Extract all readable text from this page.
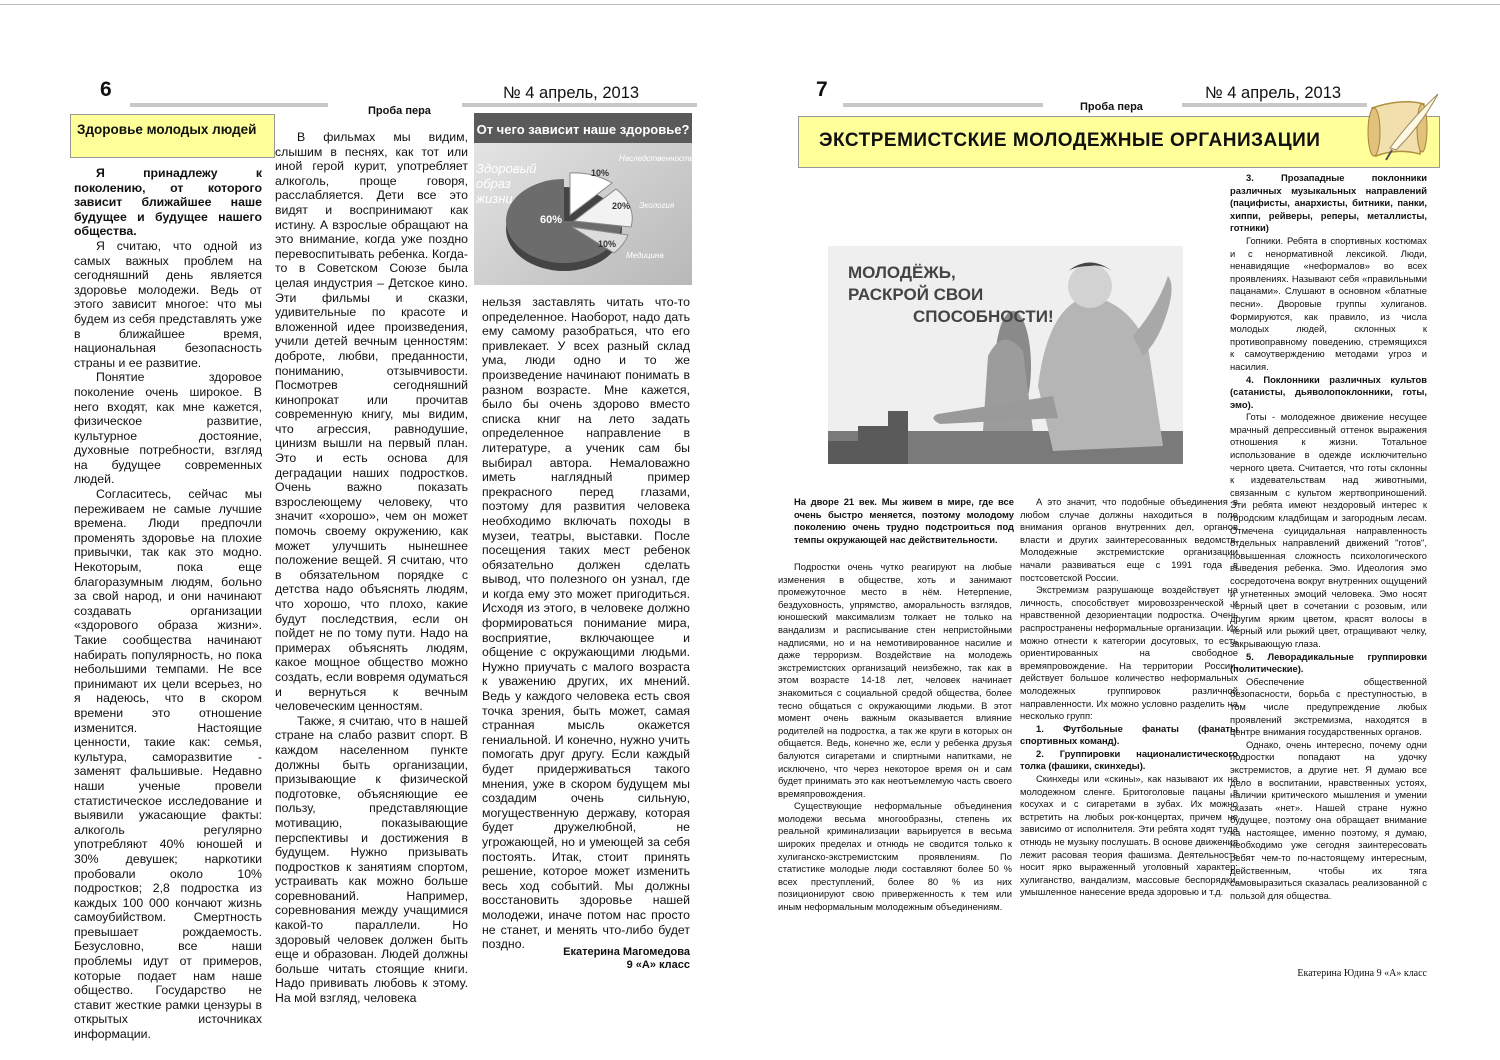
6
Проба пера
№ 4 апрель, 2013
Здоровье молодых людей	От чего зависит наше здоровье?
60%
10%
20%
10%
Наследственность
Экология
Медицина
Здоровый образ жизни

Я принадлежу к поколению, от которого зависит ближайшее наше будущее и будущее нашего общества.

Я считаю, что одной из самых важных проблем на сегодняшний день является здоровье молодежи. Ведь от этого зависит многое: что мы будем из себя представлять уже в ближайшее время, национальная безопасность страны и ее развитие.

Понятие здоровое поколение очень широкое. В него входят, как мне кажется, физическое развитие, культурное достояние, духовные потребности, взгляд на будущее современных людей.

Согласитесь, сейчас мы переживаем не самые лучшие времена. Люди предпочли променять здоровье на плохие привычки, так как это модно. Некоторым, пока еще благоразумным людям, больно за свой народ, и они начинают создавать организации «здорового образа жизни». Такие сообщества начинают набирать популярность, но пока небольшими темпами. Не все принимают их цели всерьез, но я надеюсь, что в скором времени это отношение изменится. Настоящие ценности, такие как: семья, культура, саморазвитие - заменят фальшивые. Недавно наши ученые провели статистическое исследование и выявили ужасающие факты: алкоголь регулярно употребляют 40% юношей и 30% девушек; наркотики пробовали около 10% подростков; 2,8 подростка из каждых 100 000 кончают жизнь самоубийством. Смертность превышает рождаемость. Безусловно, все наши проблемы идут от примеров, которые подает нам наше общество. Государство не ставит жесткие рамки цензуры в открытых источниках информации.

В фильмах мы видим, слышим в песнях, как тот или иной герой курит, употребляет алкоголь, проще говоря, расслабляется. Дети все это видят и воспринимают как истину. А взрослые обращают на это внимание, когда уже поздно перевоспитывать ребенка. Когда-то в Советском Союзе была целая индустрия – Детское кино. Эти фильмы и сказки, удивительные по красоте и вложенной идее произведения, учили детей вечным ценностям: доброте, любви, преданности, пониманию, отзывчивости. Посмотрев сегодняшний кинопрокат или прочитав современную книгу, мы видим, что агрессия, равнодушие, цинизм вышли на первый план. Это и есть основа для деградации наших подростков. Очень важно показать взрослеющему человеку, что значит «хорошо», чем он может помочь своему окружению, как может улучшить нынешнее положение вещей. Я считаю, что в обязательном порядке с детства надо объяснять людям, что хорошо, что плохо, какие будут последствия, если он пойдет не по тому пути. Надо на примерах объяснять людям, какое мощное общество можно создать, если вовремя одуматься и вернуться к вечным человеческим ценностям.

Также, я считаю, что в нашей стране на слабо развит спорт. В каждом населенном пункте должны быть организации, призывающие к физической подготовке, объясняющие ее пользу, представляющие мотивацию, показывающие перспективы и достижения в будущем. Нужно призывать подростков к занятиям спортом, устраивать как можно больше соревнований. Например, соревнования между учащимися какой-то параллели. Но здоровый человек должен быть еще и образован. Людей должны больше читать стоящие книги. Надо прививать любовь к этому. На мой взгляд, человека

нельзя заставлять читать что-то определенное. Наоборот, надо дать ему самому разобраться, что его привлекает. У всех разный склад ума, люди одно и то же произведение начинают понимать в разном возрасте. Мне кажется, было бы очень здорово вместо списка книг на лето задать определенное направление в литературе, а ученик сам бы выбирал автора. Немаловажно иметь наглядный пример прекрасного перед глазами, поэтому для развития человека необходимо включать походы в музеи, театры, выставки. После посещения таких мест ребенок обязательно должен сделать вывод, что полезного он узнал, где и когда ему это может пригодиться. Исходя из этого, в человеке должно формироваться понимание мира, восприятие, включающее и общение с окружающими людьми. Нужно приучать с малого возраста к уважению других, их мнений. Ведь у каждого человека есть своя точка зрения, быть может, самая странная мысль окажется гениальной. И конечно, нужно учить помогать друг другу. Если каждый будет придерживаться такого мнения, уже в скором будущем мы создадим очень сильную, могущественную державу, которая будет дружелюбной, не угрожающей, но и умеющей за себя постоять. Итак, стоит принять решение, которое может изменить весь ход событий. Мы должны восстановить здоровье нашей молодежи, иначе потом нас просто не станет, и менять что-либо будет поздно.

Екатерина Магомедова
9 «А» класс
7
Проба пера
№ 4 апрель, 2013
ЭКСТРЕМИСТСКИЕ МОЛОДЕЖНЫЕ ОРГАНИЗАЦИИ
МОЛОДЁЖЬ,
РАСКРОЙ СВОИ
СПОСОБНОСТИ!
На дворе 21 век. Мы живем в мире, где все очень быстро меняется, поэтому молодому поколению очень трудно подстроиться под темпы окружающей нас действительности.

Подростки очень чутко реагируют на любые изменения в обществе, хоть и занимают промежуточное место в нём. Нетерпение, бездуховность, упрямство, аморальность взглядов, юношеский максимализм толкает не только на вандализм и расписывание стен непристойными надписями, но и на немотивированное насилие и даже терроризм. Воздействие на молодежь экстремистских организаций неизбежно, так как в этом возрасте 14-18 лет, человек начинает знакомиться с социальной средой общества, более тесно общаться с окружающими людьми. В этот момент очень важным оказывается влияние родителей на подростка, а так же круги в которых он общается. Ведь, конечно же, если у ребенка друзья балуются сигаретами и спиртными напитками, не исключено, что через некоторое время он и сам будет принимать это как неотъемлемую часть своего времяпровождения.

Существующие неформальные объединения молодежи весьма многообразны, степень их реальной криминализации варьируется в весьма широких пределах и отнюдь не сводится только к хулиганско-экстремистским проявлениям. По статистике молодые люди составляют более 50 % всех преступлений, более 80 % из них позиционируют свою приверженность к тем или иным неформальным молодежным объединениям.

А это значит, что подобные объединения в любом случае должны находиться в поле внимания органов внутренних дел, органов власти и других заинтересованных ведомств. Молодежные экстремистские организации начали развиваться еще с 1991 года в постсоветской России.

Экстремизм разрушающе воздействует на личность, способствует мировоззренческой и нравственной дезориентации подростка. Очень распространены неформальные организации. Их можно отнести к категории досуговых, то есть ориентированных на свободное времяпровождение. На территории России, действует большое количество неформальных молодежных группировок различной направленности. Их можно условно разделить на несколько групп:

1. Футбольные фанаты (фанаты спортивных команд).

2. Группировки националистического толка (фашики, скинхеды).

Скинхеды или «скины», как называют их на молодежном сленге. Бритоголовые пацаны в косухах и с сигаретами в зубах. Их можно встретить на любых рок-концертах, причем не зависимо от исполнителя. Эти ребята ходят туда отнюдь не музыку послушать. В основе движения лежит расовая теория фашизма. Деятельность носит ярко выраженный уголовный характер: хулиганство, вандализм, массовые беспорядки, умышленное нанесение вреда здоровью и т.д.

3. Прозападные поклонники различных музыкальных направлений (пацифисты, анархисты, битники, панки, хиппи, рейверы, реперы, металлисты, готники)

Гопники. Ребята в спортивных костюмах и с ненормативной лексикой. Люди, ненавидящие «неформалов» во всех проявлениях. Называют себя «правильными пацанами». Слушают в основном «блатные песни». Дворовые группы хулиганов. Формируются, как правило, из числа молодых людей, склонных к противоправному поведению, стремящихся к самоутверждению методами угроз и насилия.

4. Поклонники различных культов (сатанисты, дьяволопоклонники, готы, эмо).

Готы - молодежное движение несущее мрачный депрессивный оттенок выражения отношения к жизни. Тотальное использование в одежде исключительно черного цвета. Считается, что готы склонны к издевательствам над животными, связанным с культом жертвоприношений. Эти ребята имеют нездоровый интерес к городским кладбищам и загородным лесам. Отмечена суицидальная направленность отдельных направлений движений "готов", повышенная сложность психологического выведения ребенка. Эмо. Идеология эмо сосредоточена вокруг внутренних ощущений и угнетенных эмоций человека. Эмо носят черный цвет в сочетании с розовым, или другим ярким цветом, красят волосы в черный или рыжий цвет, отращивают челку, закрывающую глаза.

5. Леворадикальные группировки (политические).

Обеспечение общественной безопасности, борьба с преступностью, в том числе предупреждение любых проявлений экстремизма, находятся в центре внимания государственных органов.

Однако, очень интересно, почему одни подростки попадают на удочку экстремистов, а другие нет. Я думаю все дело в воспитании, нравственных устоях, наличии критического мышления и умении сказать «нет». Нашей стране нужно будущее, поэтому она обращает внимание на настоящее, именно поэтому, я думаю, необходимо уже сегодня заинтересовать ребят чем-то по-настоящему интересным, действенным, чтобы их тяга самовыразиться сказалась реализованной с пользой для общества.

Екатерина Юдина 9 «А» класс
